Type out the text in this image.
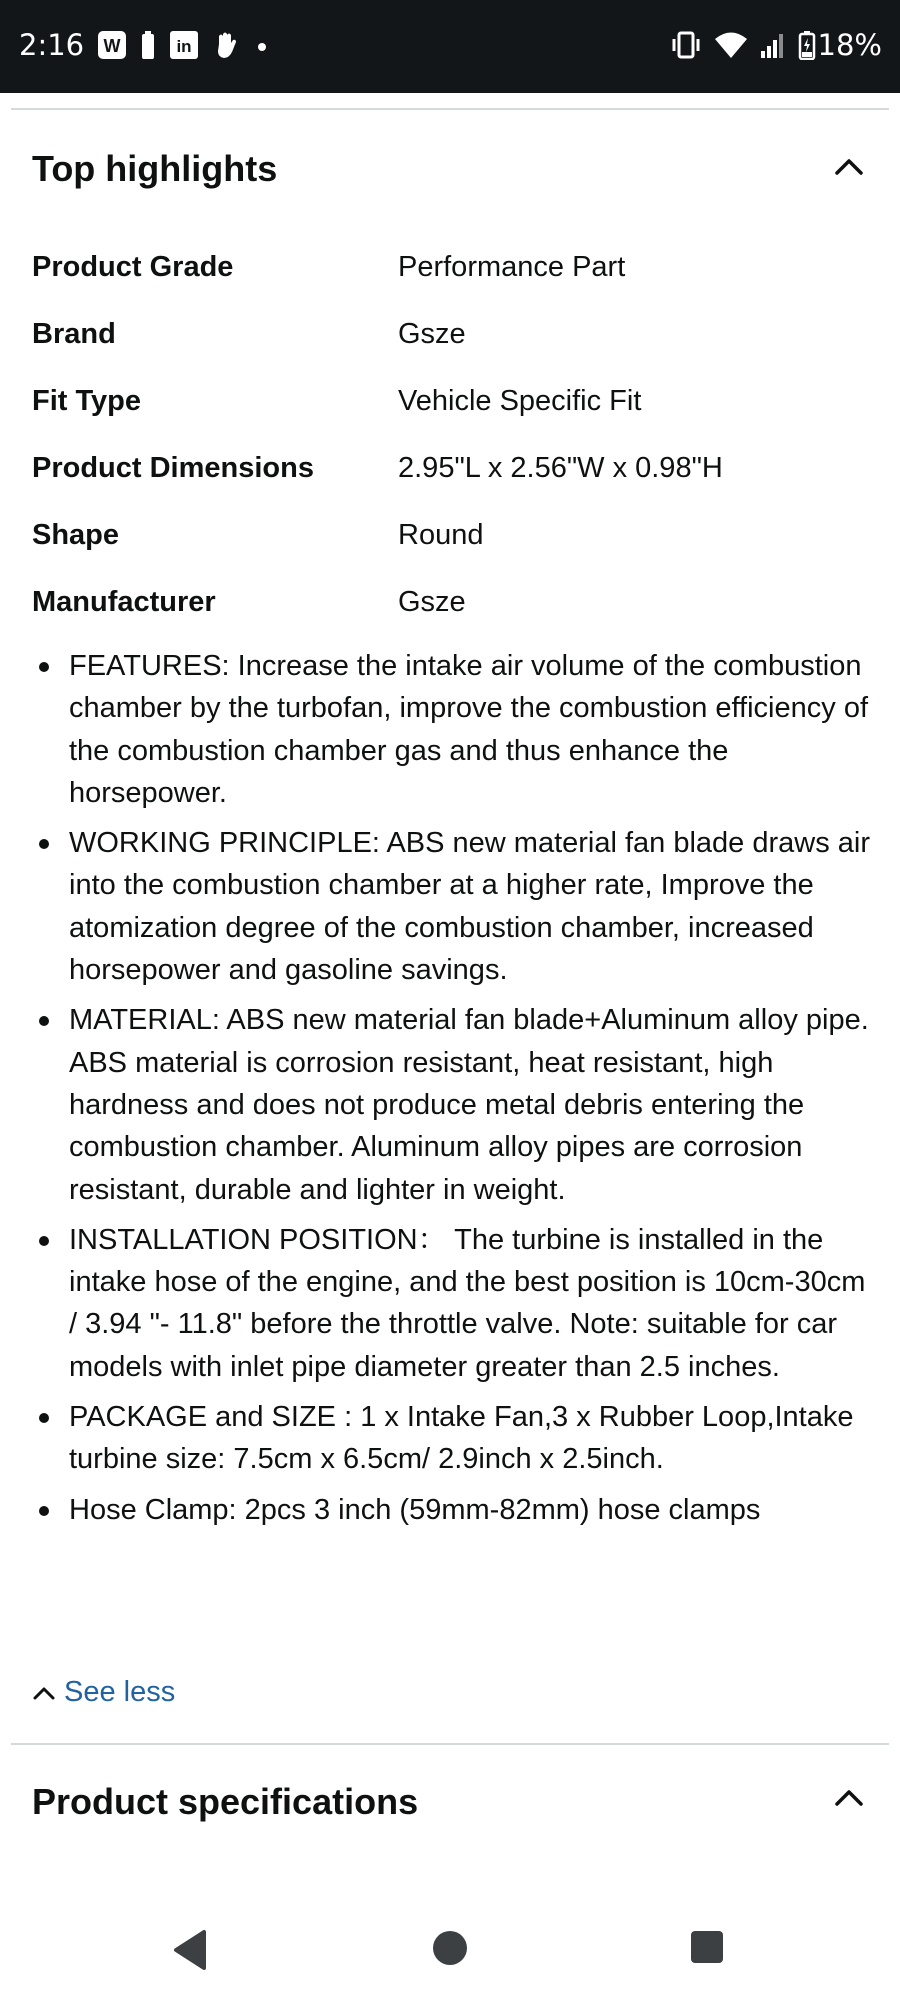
2:16 W	in	18%
Top highlights
Product Grade	Performance Part
Brand	Gsze
Fit Type	Vehicle Specific Fit
Product Dimensions	2.95"L x 2.56"W x 0.98"H
Shape	Round
Manufacturer	Gsze
FEATURES: Increase the intake air volume of the combustion chamber by the turbofan, improve the combustion efficiency of the combustion chamber gas and thus enhance the horsepower.
WORKING PRINCIPLE: ABS new material fan blade draws air into the combustion chamber at a higher rate, Improve the atomization degree of the combustion chamber, increased horsepower and gasoline savings.
MATERIAL: ABS new material fan blade+Aluminum alloy pipe. ABS material is corrosion resistant, heat resistant, high hardness and does not produce metal debris entering the combustion chamber. Aluminum alloy pipes are corrosion resistant, durable and lighter in weight.
INSTALLATION POSITION： The turbine is installed in the intake hose of the engine, and the best position is 10cm-30cm / 3.94 "- 11.8" before the throttle valve. Note: suitable for car models with inlet pipe diameter greater than 2.5 inches.
PACKAGE and SIZE : 1 x Intake Fan,3 x Rubber Loop,Intake turbine size: 7.5cm x 6.5cm/ 2.9inch x 2.5inch.
Hose Clamp: 2pcs 3 inch (59mm-82mm) hose clamps
See less
Product specifications
